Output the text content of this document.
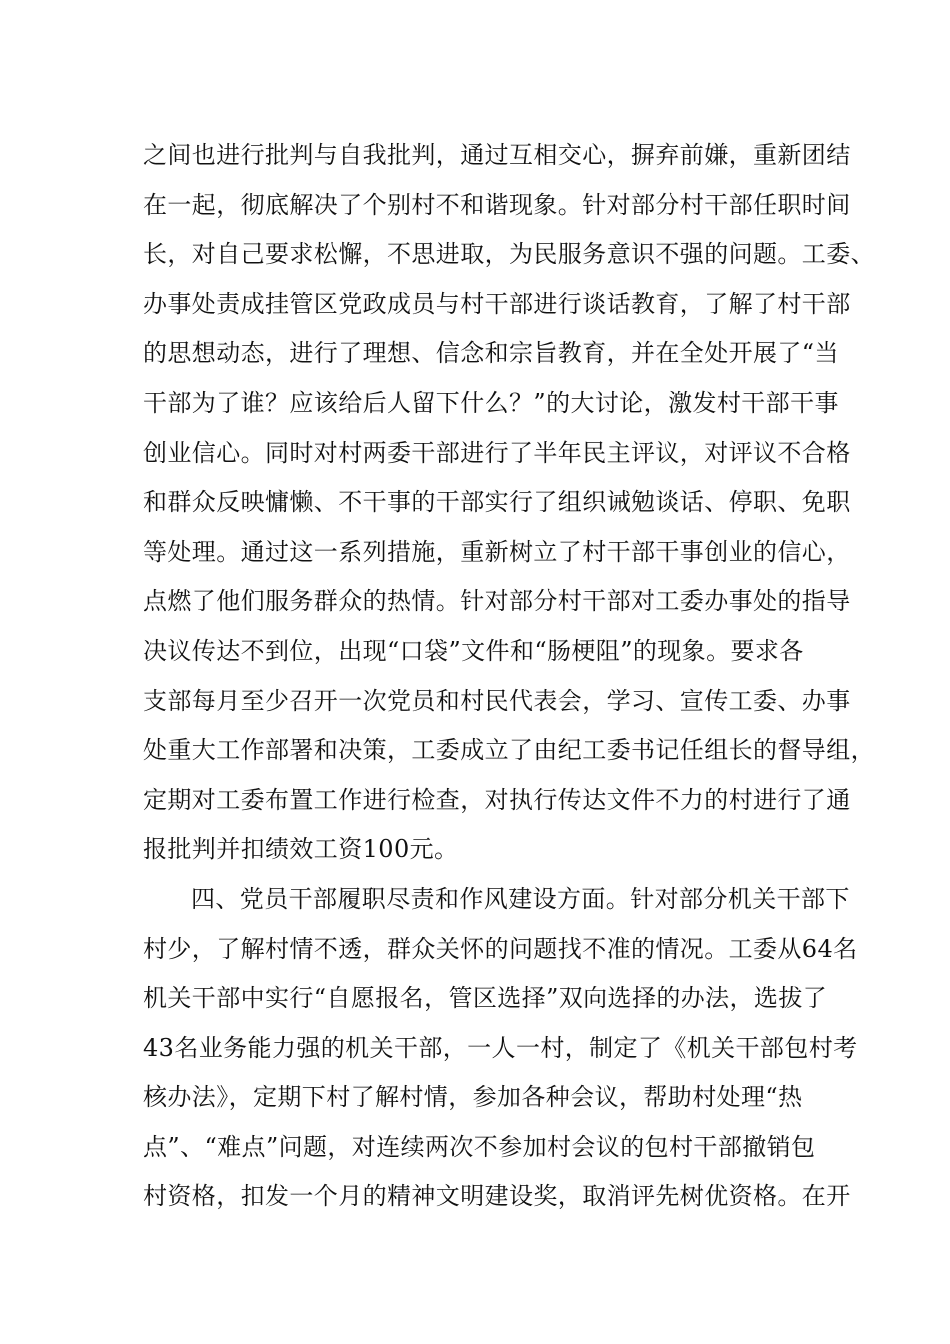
之间也进行批判与自我批判，通过互相交心，摒弃前嫌，重新团结
在一起，彻底解决了个别村不和谐现象。针对部分村干部任职时间
长，对自己要求松懈，不思进取，为民服务意识不强的问题。工委、
办事处责成挂管区党政成员与村干部进行谈话教育，了解了村干部
的思想动态，进行了理想、信念和宗旨教育，并在全处开展了“当
干部为了谁？应该给后人留下什么？”的大讨论，激发村干部干事
创业信心。同时对村两委干部进行了半年民主评议，对评议不合格
和群众反映慵懒、不干事的干部实行了组织诫勉谈话、停职、免职
等处理。通过这一系列措施，重新树立了村干部干事创业的信心，
点燃了他们服务群众的热情。针对部分村干部对工委办事处的指导
决议传达不到位，出现“口袋”文件和“肠梗阻”的现象。要求各
支部每月至少召开一次党员和村民代表会，学习、宣传工委、办事
处重大工作部署和决策，工委成立了由纪工委书记任组长的督导组，
定期对工委布置工作进行检查，对执行传达文件不力的村进行了通
报批判并扣绩效工资100元。
四、党员干部履职尽责和作风建设方面。针对部分机关干部下
村少，了解村情不透，群众关怀的问题找不准的情况。工委从64名
机关干部中实行“自愿报名，管区选择”双向选择的办法，选拔了
43名业务能力强的机关干部，一人一村，制定了《机关干部包村考
核办法》，定期下村了解村情，参加各种会议，帮助村处理“热
点”、“难点”问题，对连续两次不参加村会议的包村干部撤销包
村资格，扣发一个月的精神文明建设奖，取消评先树优资格。在开
